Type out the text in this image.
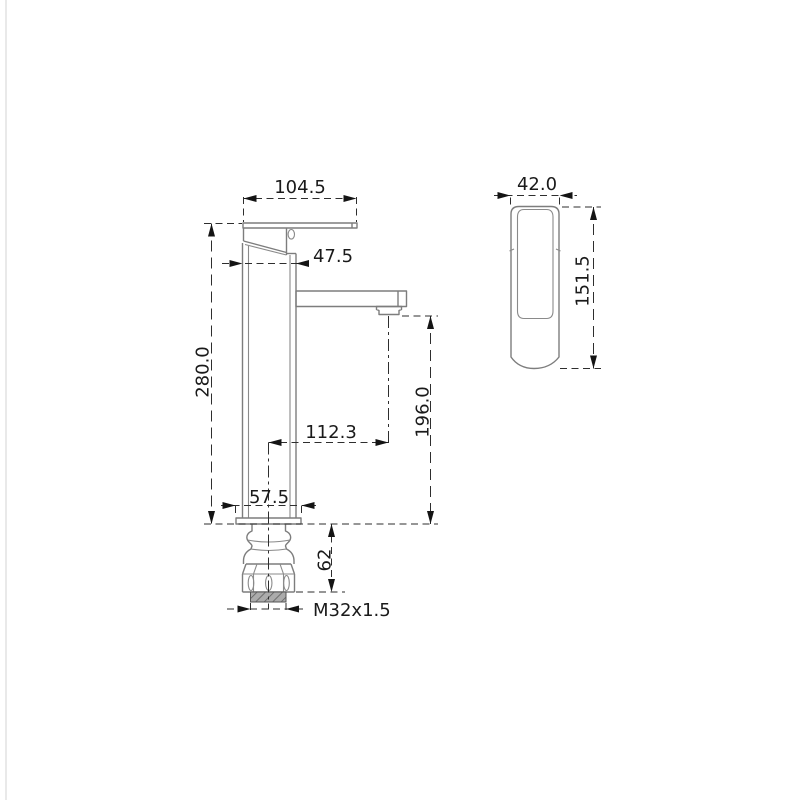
104.5
47.5
280.0
196.0
112.3
57.5
62
M32x1.5
42.0
151.5
